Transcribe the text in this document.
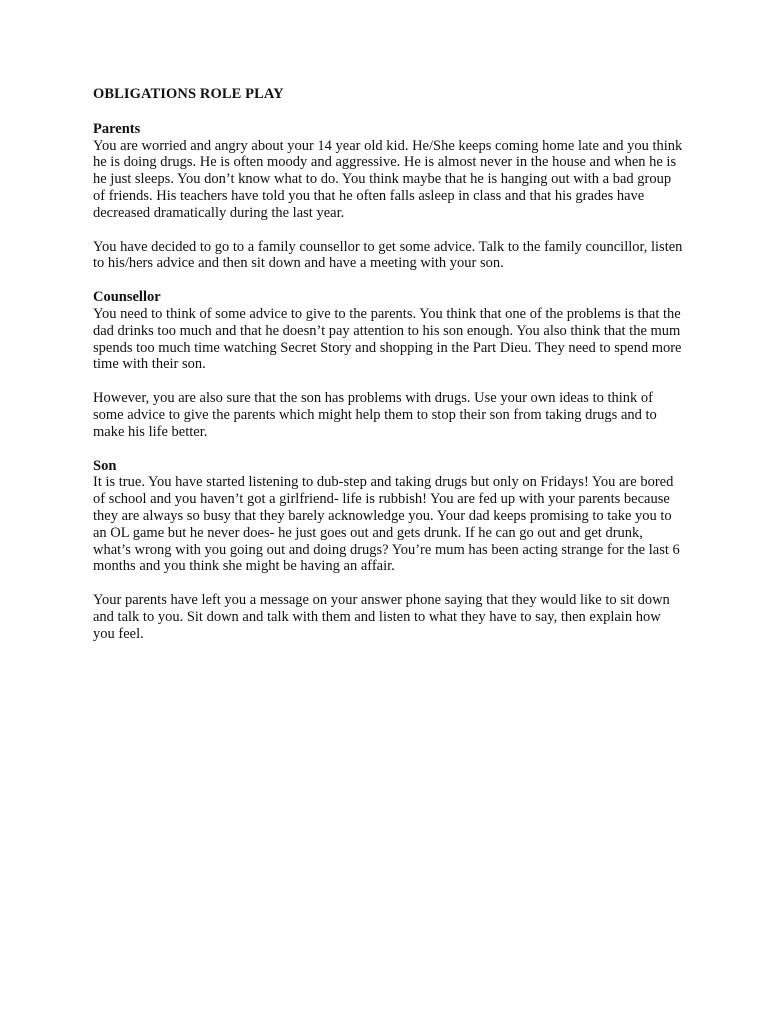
OBLIGATIONS ROLE PLAY
Parents

You are worried and angry about your 14 year old kid. He/She keeps coming home late and you think he is doing drugs. He is often moody and aggressive. He is almost never in the house and when he is he just sleeps. You don’t know what to do. You think maybe that he is hanging out with a bad group of friends. His teachers have told you that he often falls asleep in class and that his grades have decreased dramatically during the last year.

You have decided to go to a family counsellor to get some advice. Talk to the family councillor, listen to his/hers advice and then sit down and have a meeting with your son.

Counsellor

You need to think of some advice to give to the parents. You think that one of the problems is that the dad drinks too much and that he doesn’t pay attention to his son enough. You also think that the mum spends too much time watching Secret Story and shopping in the Part Dieu. They need to spend more time with their son.

However, you are also sure that the son has problems with drugs. Use your own ideas to think of some advice to give the parents which might help them to stop their son from taking drugs and to make his life better.

Son

It is true. You have started listening to dub-step and taking drugs but only on Fridays! You are bored of school and you haven’t got a girlfriend- life is rubbish! You are fed up with your parents because they are always so busy that they barely acknowledge you. Your dad keeps promising to take you to an OL game but he never does- he just goes out and gets drunk. If he can go out and get drunk, what’s wrong with you going out and doing drugs? You’re mum has been acting strange for the last 6 months and you think she might be having an affair.

Your parents have left you a message on your answer phone saying that they would like to sit down and talk to you. Sit down and talk with them and listen to what they have to say, then explain how you feel.
